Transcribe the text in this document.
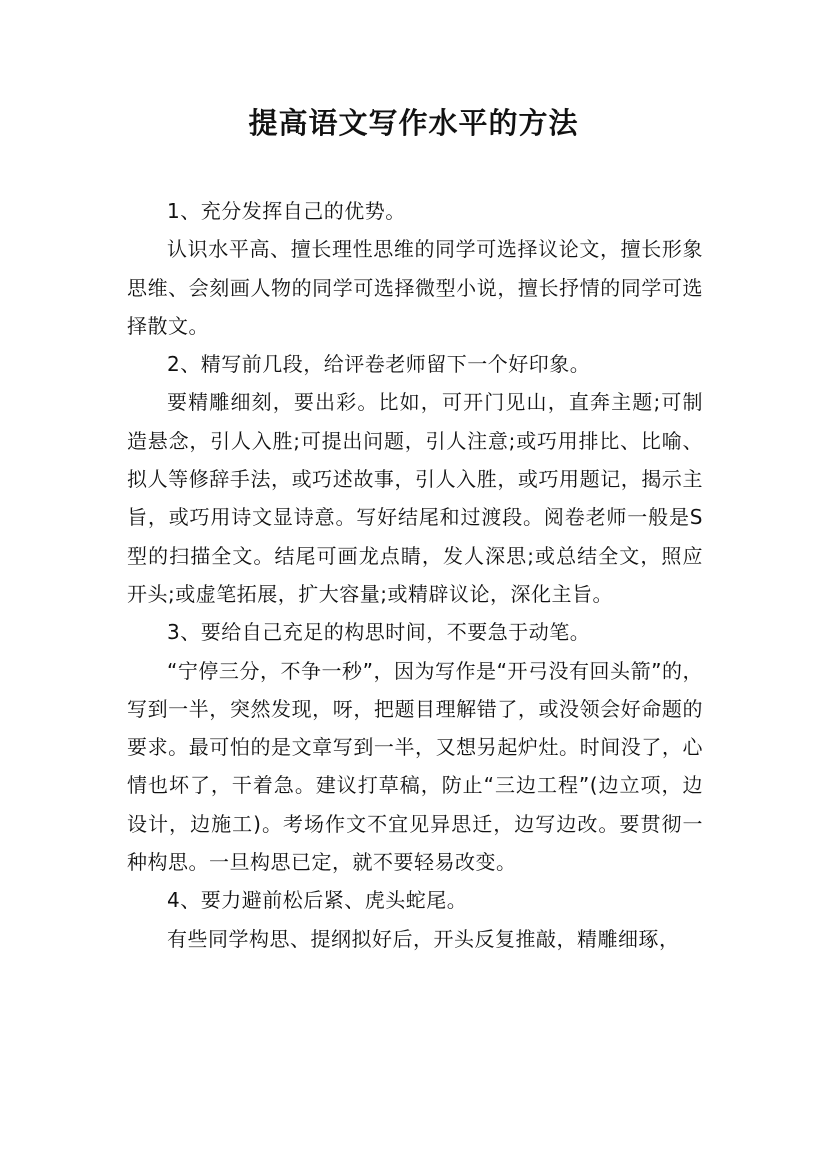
提高语文写作水平的方法

1、充分发挥自己的优势。

认识水平高、擅长理性思维的同学可选择议论文，擅长形象思维、会刻画人物的同学可选择微型小说，擅长抒情的同学可选择散文。

2、精写前几段，给评卷老师留下一个好印象。

要精雕细刻，要出彩。比如，可开门见山，直奔主题;可制造悬念，引人入胜;可提出问题，引人注意;或巧用排比、比喻、拟人等修辞手法，或巧述故事，引人入胜，或巧用题记，揭示主旨，或巧用诗文显诗意。写好结尾和过渡段。阅卷老师一般是S型的扫描全文。结尾可画龙点睛，发人深思;或总结全文，照应开头;或虚笔拓展，扩大容量;或精辟议论，深化主旨。

3、要给自己充足的构思时间，不要急于动笔。

“宁停三分，不争一秒”，因为写作是“开弓没有回头箭”的，写到一半，突然发现，呀，把题目理解错了，或没领会好命题的要求。最可怕的是文章写到一半，又想另起炉灶。时间没了，心情也坏了，干着急。建议打草稿，防止“三边工程”(边立项，边设计，边施工)。考场作文不宜见异思迁，边写边改。要贯彻一种构思。一旦构思已定，就不要轻易改变。

4、要力避前松后紧、虎头蛇尾。

有些同学构思、提纲拟好后，开头反复推敲，精雕细琢，
